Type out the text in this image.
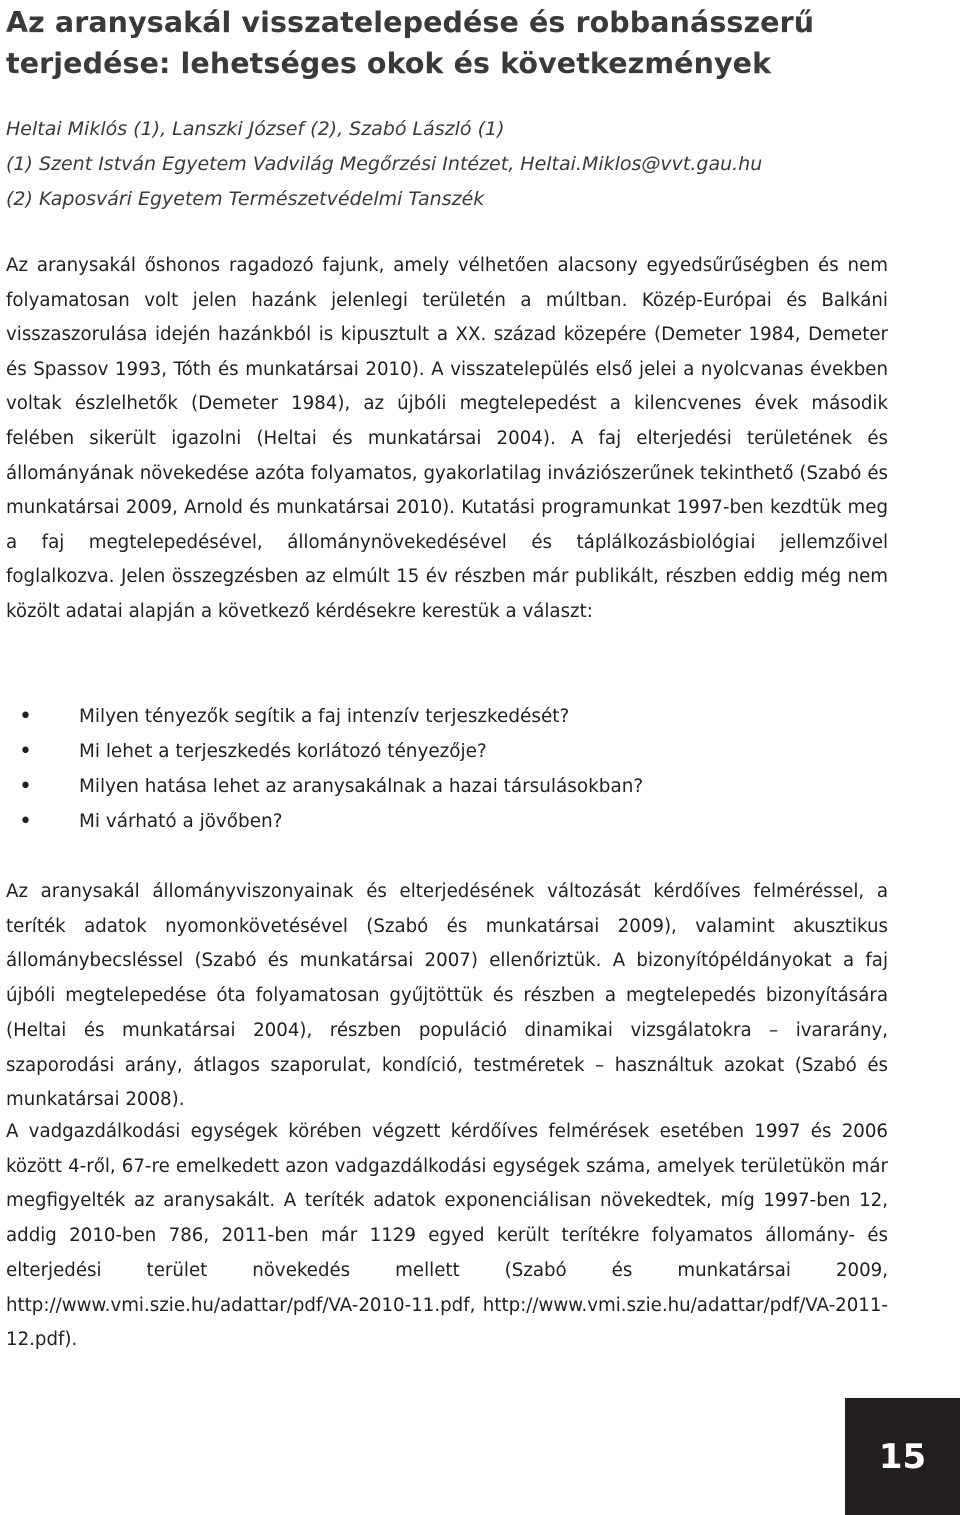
Az aranysakál visszatelepedése és robbanásszerű
terjedése: lehetséges okok és következmények
Heltai Miklós (1), Lanszki József (2), Szabó László (1)
(1) Szent István Egyetem Vadvilág Megőrzési Intézet, Heltai.Miklos@vvt.gau.hu
(2) Kaposvári Egyetem Természetvédelmi Tanszék

Az aranysakál őshonos ragadozó fajunk, amely vélhetően alacsony egyedsűrűségben és nem folyamatosan volt jelen hazánk jelenlegi területén a múltban. Közép-Európai és Balkáni visszaszorulása idején hazánkból is kipusztult a XX. század közepére (Demeter 1984, Demeter és Spassov 1993, Tóth és munkatársai 2010). A visszatelepülés első jelei a nyolcvanas években voltak észlelhetők (Demeter 1984), az újbóli megtelepedést a kilencvenes évek második felében sikerült igazolni (Heltai és munkatársai 2004). A faj elterjedési területének és állományának növekedése azóta folyamatos, gyakorlatilag inváziószerűnek tekinthető (Szabó és munkatársai 2009, Arnold és munkatársai 2010). Kutatási programunkat 1997-ben kezdtük meg a faj megtelepedésével, állománynövekedésével és táplálkozásbiológiai jellemzőivel foglalkozva. Jelen összegzésben az elmúlt 15 év részben már publikált, részben eddig még nem közölt adatai alapján a következő kérdésekre kerestük a választ:

•	Milyen tényezők segítik a faj intenzív terjeszkedését?
•	Mi lehet a terjeszkedés korlátozó tényezője?
•	Milyen hatása lehet az aranysakálnak a hazai társulásokban?
•	Mi várható a jövőben?

Az aranysakál állományviszonyainak és elterjedésének változását kérdőíves felméréssel, a teríték adatok nyomonkövetésével (Szabó és munkatársai 2009), valamint akusztikus állománybecsléssel (Szabó és munkatársai 2007) ellenőriztük. A bizonyítópéldányokat a faj újbóli megtelepedése óta folyamatosan gyűjtöttük és részben a megtelepedés bizonyítására (Heltai és munkatársai 2004), részben populáció dinamikai vizsgálatokra – ivararány, szaporodási arány, átlagos szaporulat, kondíció, testméretek – használtuk azokat (Szabó és munkatársai 2008).

A vadgazdálkodási egységek körében végzett kérdőíves felmérések esetében 1997 és 2006 között 4-ről, 67-re emelkedett azon vadgazdálkodási egységek száma, amelyek területükön már megfigyelték az aranysakált. A teríték adatok exponenciálisan növekedtek, míg 1997-ben 12, addig 2010-ben 786, 2011-ben már 1129 egyed került terítékre folyamatos állomány- és elterjedési terület növekedés mellett (Szabó és munkatársai 2009, http://www.vmi.szie.hu/adattar/pdf/VA-2010-11.pdf, http://www.vmi.szie.hu/adattar/pdf/VA-2011-12.pdf).

15
